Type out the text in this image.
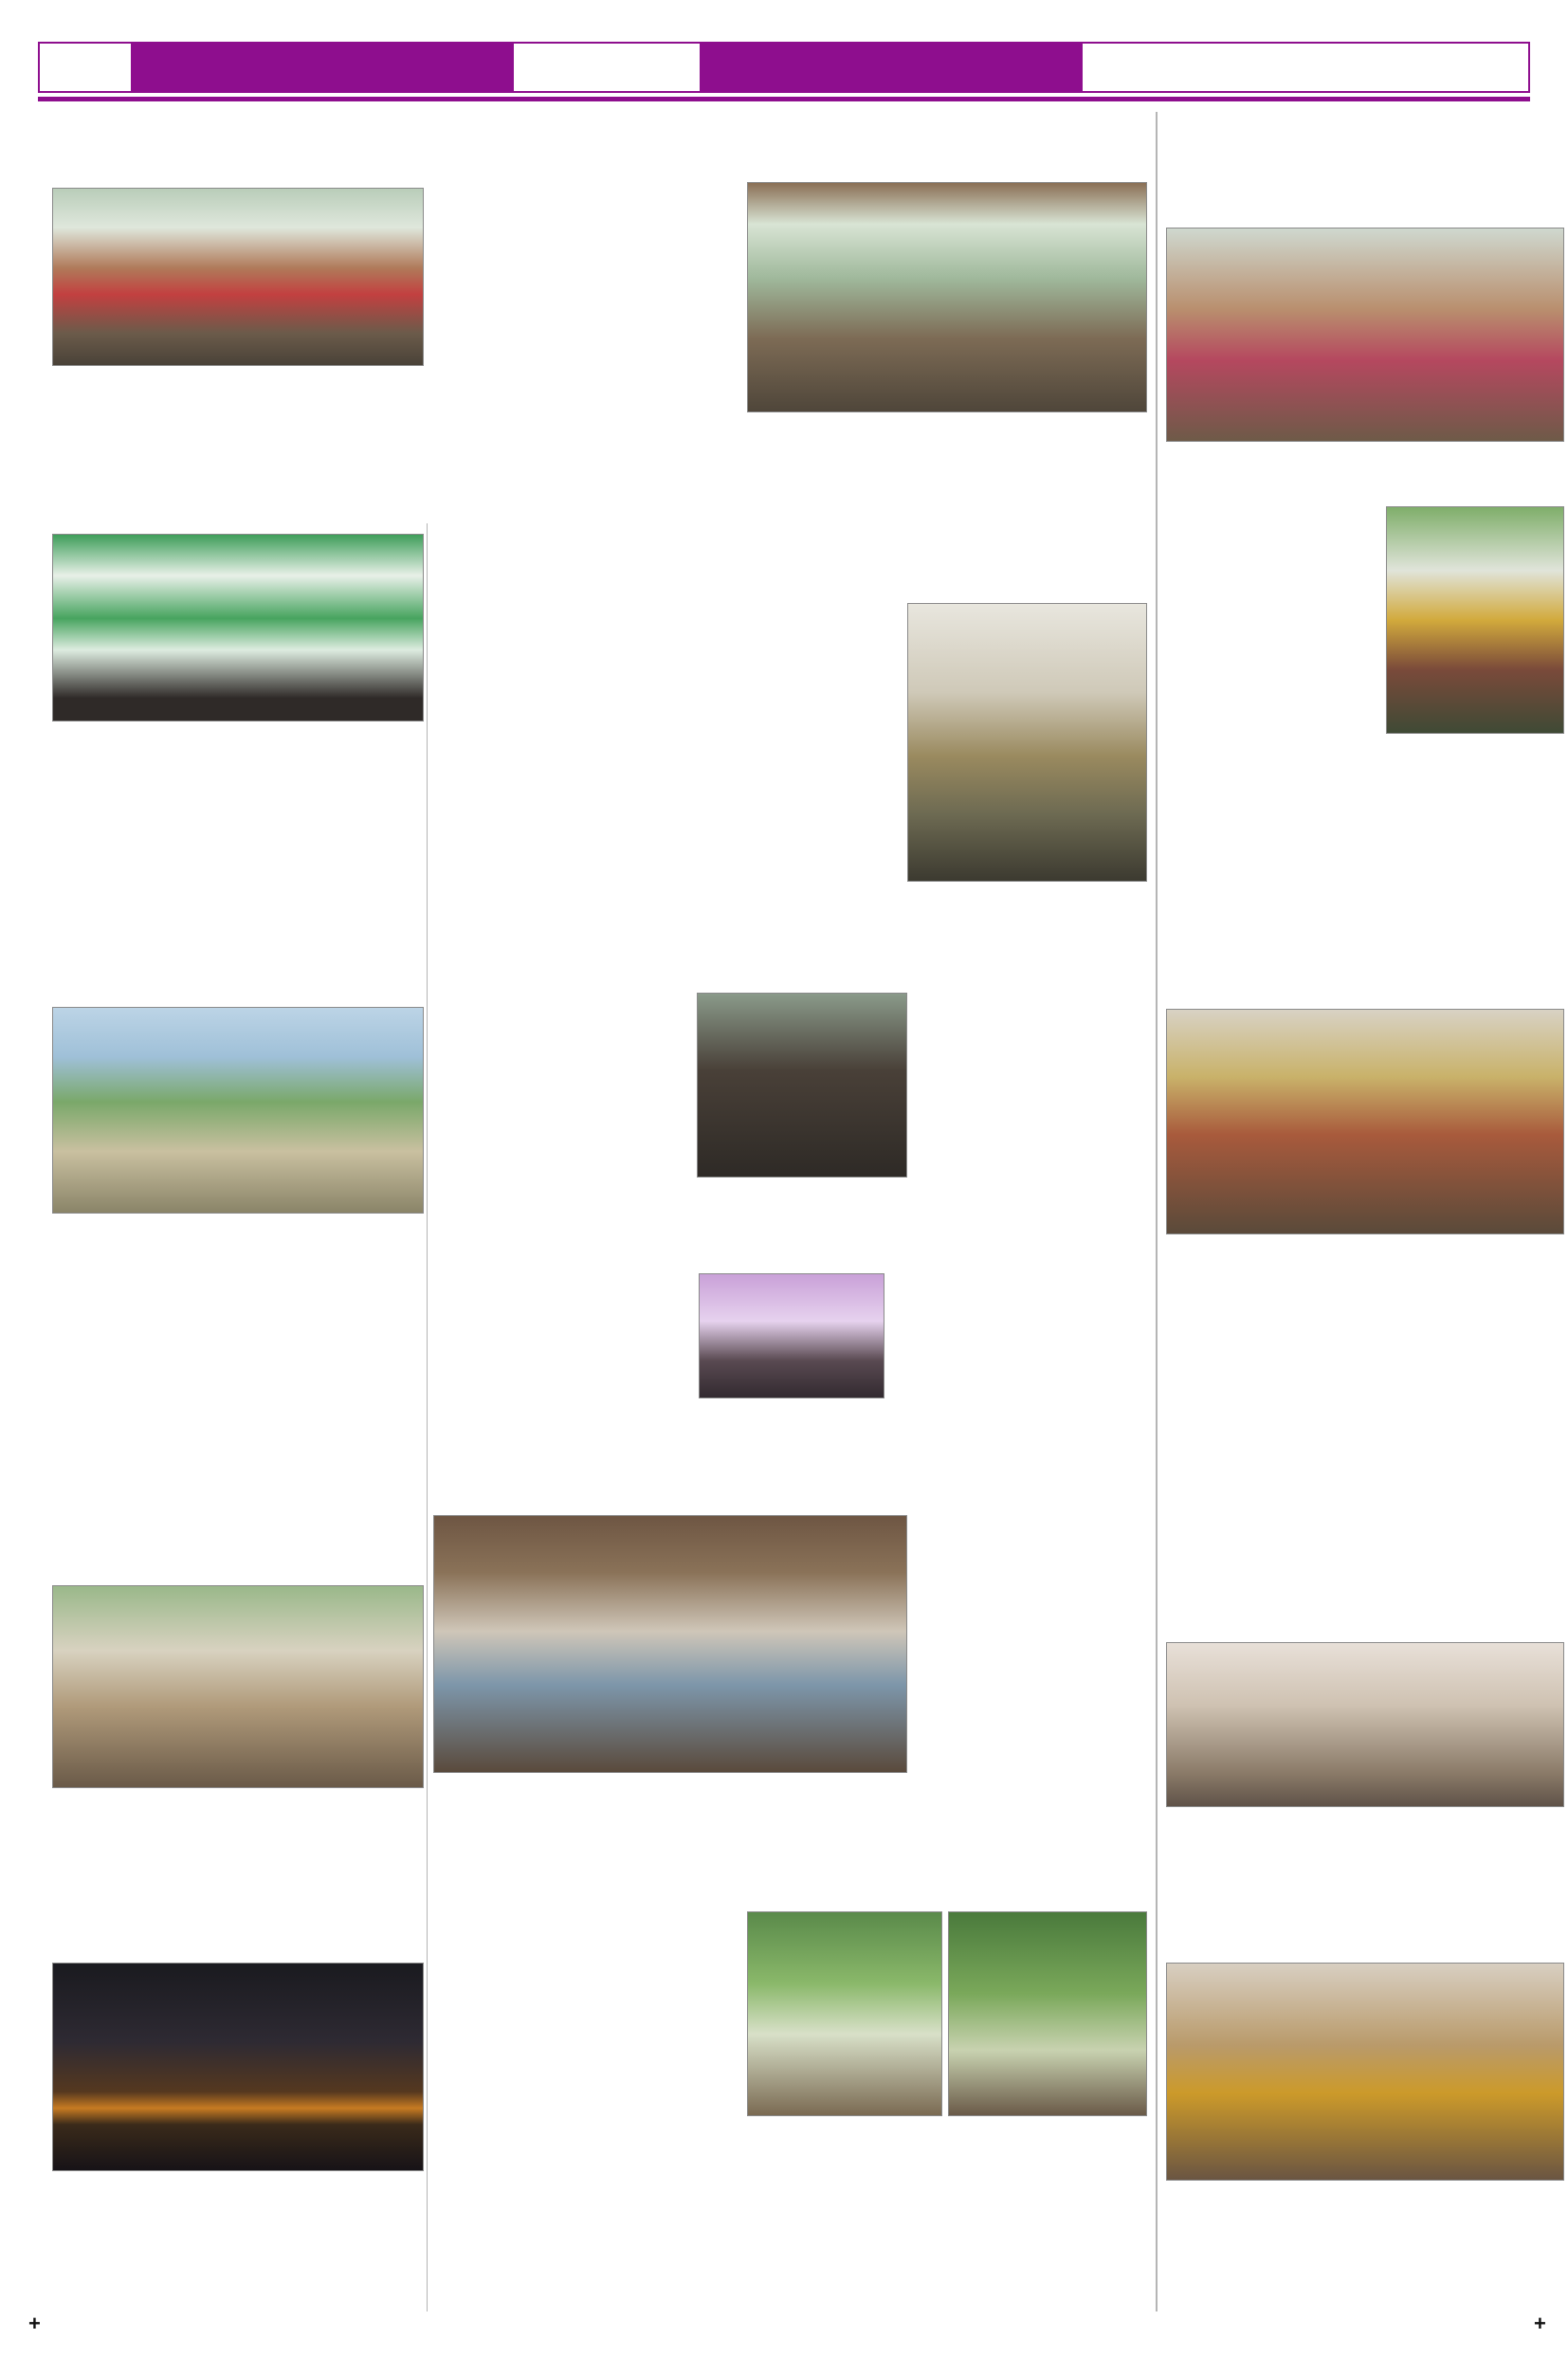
+	+
